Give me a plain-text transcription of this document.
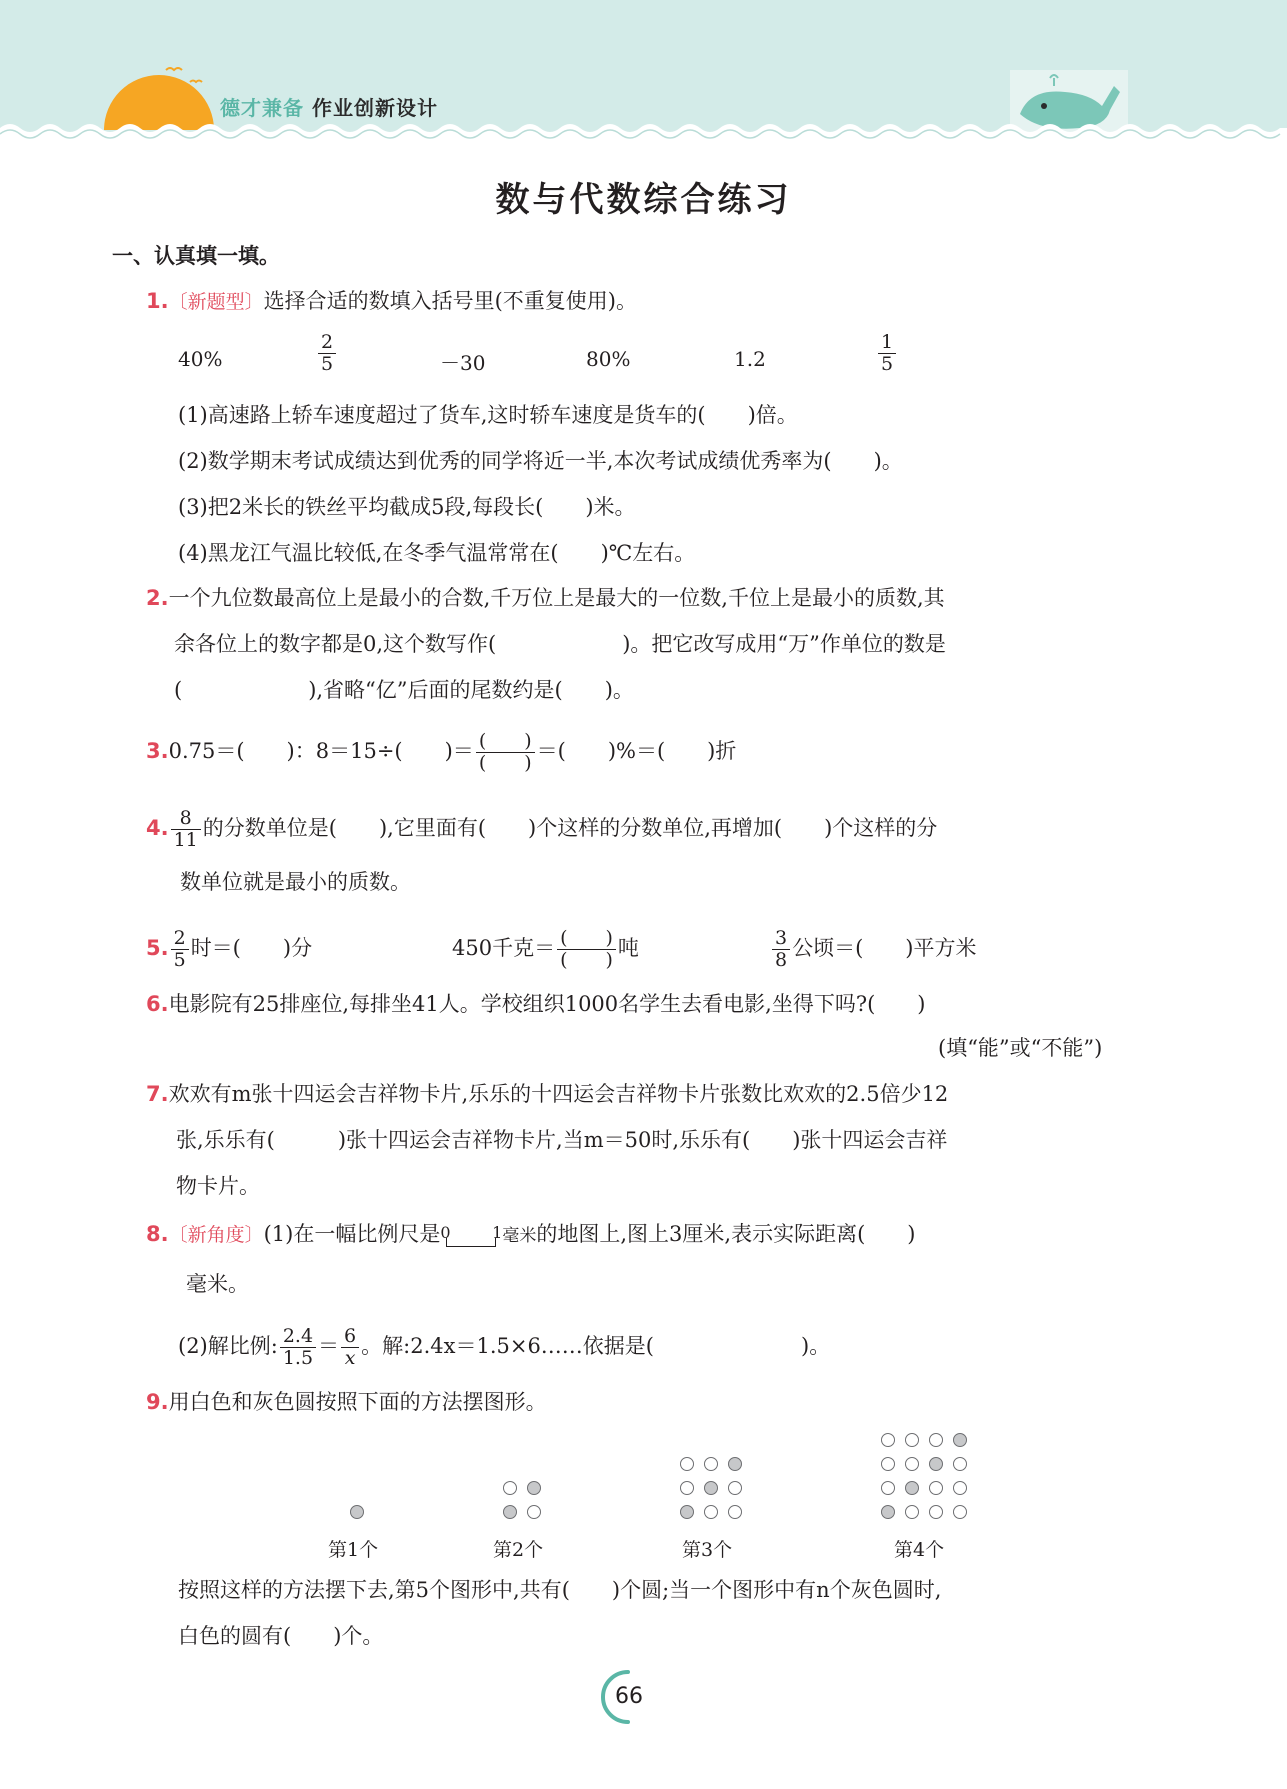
德才兼备 作业创新设计
数与代数综合练习
一、认真填一填。
1.〔新题型〕选择合适的数填入括号里(不重复使用)。
40%	$\frac{2}{5}$	－30	80%	1.2	$\frac{1}{5}$
(1)高速路上轿车速度超过了货车,这时轿车速度是货车的(　　)倍。
(2)数学期末考试成绩达到优秀的同学将近一半,本次考试成绩优秀率为(　　)。
(3)把2米长的铁丝平均截成5段,每段长(　　)米。
(4)黑龙江气温比较低,在冬季气温常常在(　　)℃左右。
2.一个九位数最高位上是最小的合数,千万位上是最大的一位数,千位上是最小的质数,其
余各位上的数字都是0,这个数写作(　　　　　　)。把它改写成用“万”作单位的数是
(　　　　　　),省略“亿”后面的尾数约是(　　)。
3.0.75＝(　　)：8＝15÷(　　)＝ $\frac{( )}{( )}$ ＝(　　)%＝(　　)折
4. $\frac{8}{11}$ 的分数单位是(　　),它里面有(　　)个这样的分数单位,再增加(　　)个这样的分
数单位就是最小的质数。
5. $\frac{2}{5}$ 时＝(　　)分	450千克＝ $\frac{( )}{( )}$ 吨	$\frac{3}{8}$ 公顷＝(　　)平方米
6.电影院有25排座位,每排坐41人。学校组织1000名学生去看电影,坐得下吗?(　　)
(填“能”或“不能”)
7.欢欢有m张十四运会吉祥物卡片,乐乐的十四运会吉祥物卡片张数比欢欢的2.5倍少12
张,乐乐有(　　　)张十四运会吉祥物卡片,当m＝50时,乐乐有(　　)张十四运会吉祥
物卡片。
8.〔新角度〕(1)在一幅比例尺是 0	1 毫米的地图上,图上3厘米,表示实际距离(　　)
毫米。
(2)解比例: $\frac{2.4}{1.5} = \frac{6}{x}$ 。解:2.4x＝1.5×6……依据是(　　　　　　　)。
9.用白色和灰色圆按照下面的方法摆图形。
第1个	第2个	第3个	第4个
按照这样的方法摆下去,第5个图形中,共有(　　)个圆;当一个图形中有n个灰色圆时,
白色的圆有(　　)个。
66
